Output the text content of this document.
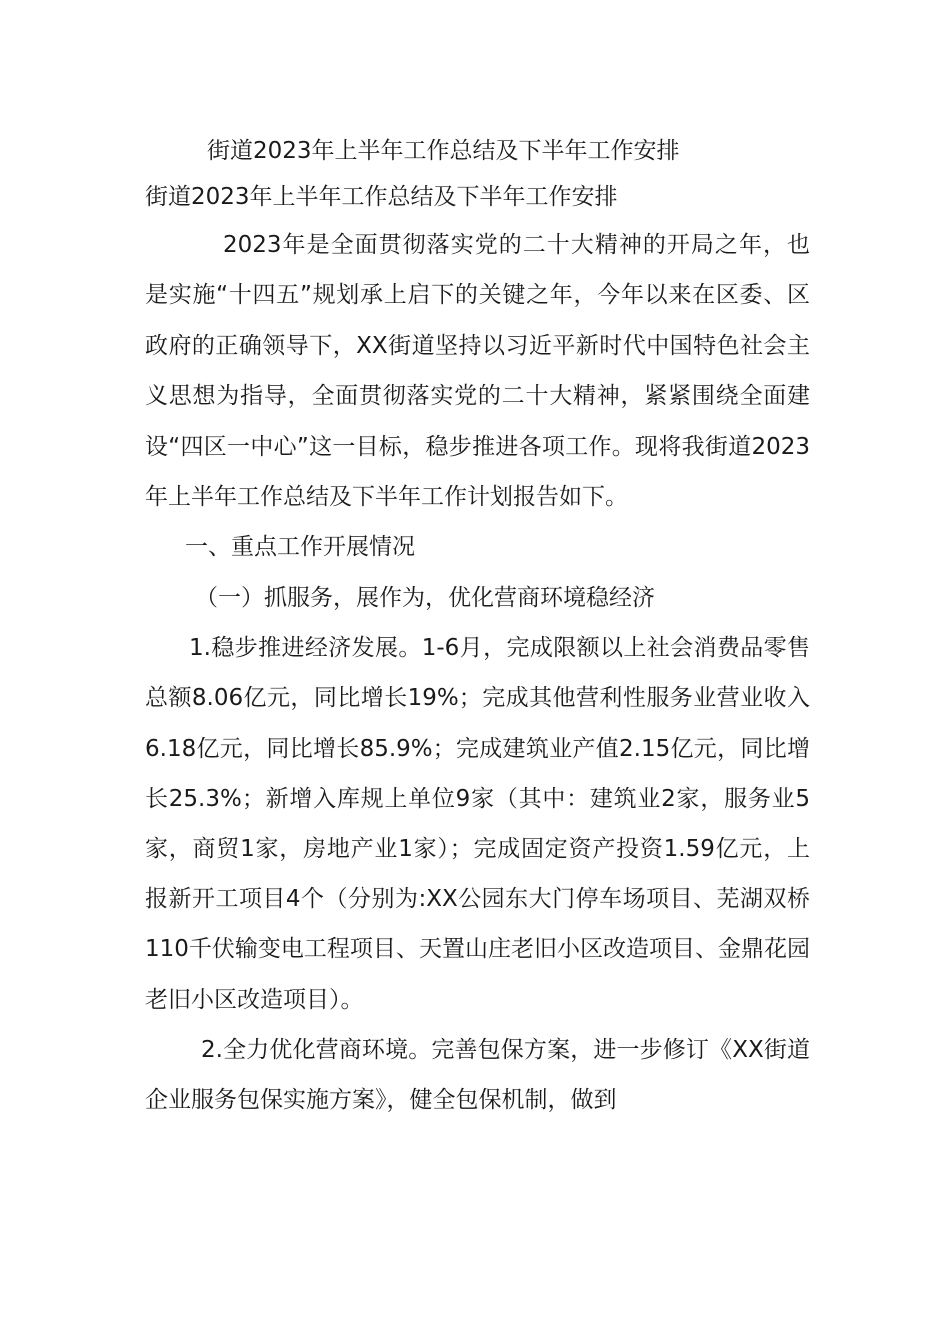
街道2023年上半年工作总结及下半年工作安排
街道2023年上半年工作总结及下半年工作安排

2023年是全面贯彻落实党的二十大精神的开局之年，也是实施“十四五”规划承上启下的关键之年，今年以来在区委、区政府的正确领导下，XX街道坚持以习近平新时代中国特色社会主义思想为指导，全面贯彻落实党的二十大精神，紧紧围绕全面建设“四区一中心”这一目标，稳步推进各项工作。现将我街道2023年上半年工作总结及下半年工作计划报告如下。

一、重点工作开展情况

（一）抓服务，展作为，优化营商环境稳经济

1.稳步推进经济发展。1-6月，完成限额以上社会消费品零售总额8.06亿元，同比增长19%；完成其他营利性服务业营业收入6.18亿元，同比增长85.9%；完成建筑业产值2.15亿元，同比增长25.3%；新增入库规上单位9家（其中：建筑业2家，服务业5家，商贸1家，房地产业1家）；完成固定资产投资1.59亿元，上报新开工项目4个（分别为:XX公园东大门停车场项目、芜湖双桥110千伏输变电工程项目、天置山庄老旧小区改造项目、金鼎花园老旧小区改造项目）。

2.全力优化营商环境。完善包保方案，进一步修订《XX街道企业服务包保实施方案》，健全包保机制，做到
